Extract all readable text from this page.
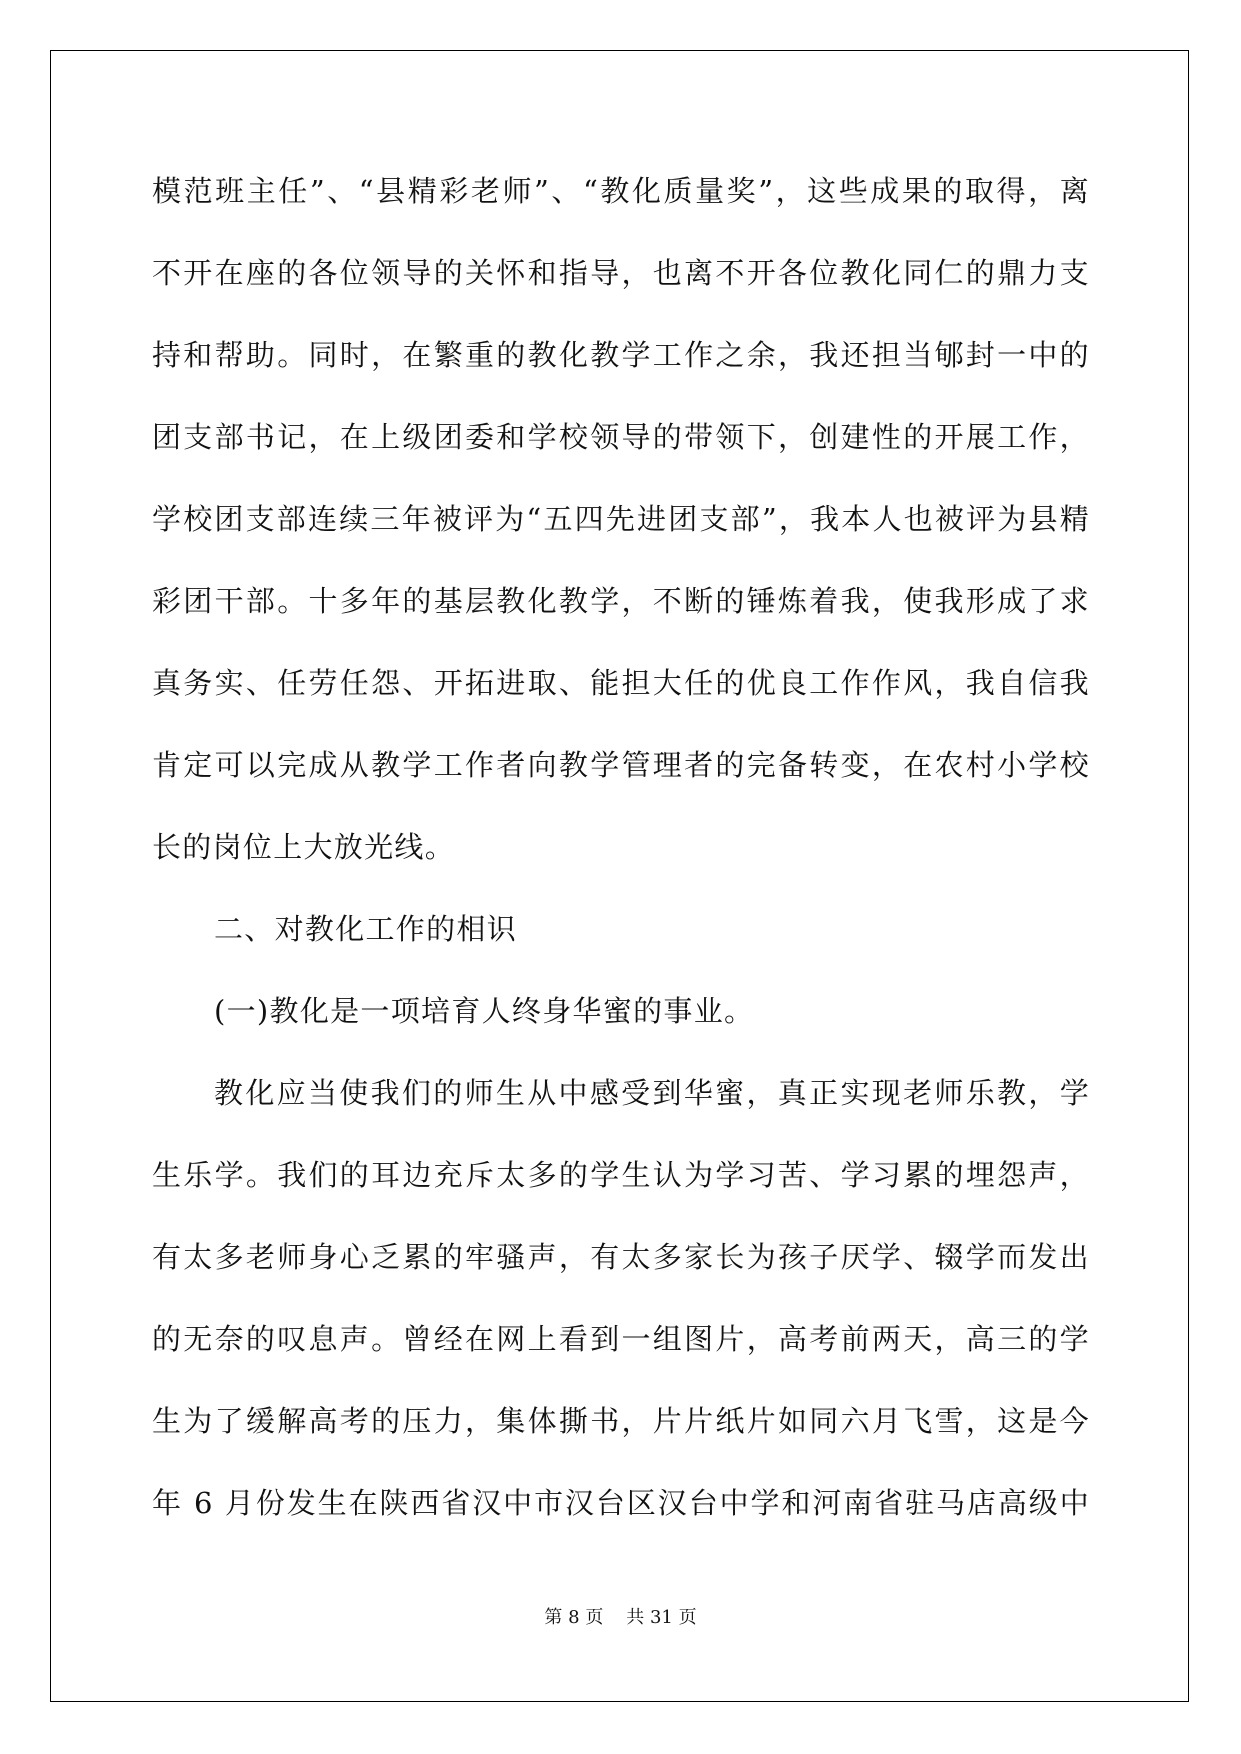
模范班主任”、“县精彩老师”、“教化质量奖”，这些成果的取得，离
不开在座的各位领导的关怀和指导，也离不开各位教化同仁的鼎力支
持和帮助。同时，在繁重的教化教学工作之余，我还担当郇封一中的
团支部书记，在上级团委和学校领导的带领下，创建性的开展工作，
学校团支部连续三年被评为“五四先进团支部”，我本人也被评为县精
彩团干部。十多年的基层教化教学，不断的锤炼着我，使我形成了求
真务实、任劳任怨、开拓进取、能担大任的优良工作作风，我自信我
肯定可以完成从教学工作者向教学管理者的完备转变，在农村小学校
长的岗位上大放光线。
二、对教化工作的相识
(一)教化是一项培育人终身华蜜的事业。
教化应当使我们的师生从中感受到华蜜，真正实现老师乐教，学
生乐学。我们的耳边充斥太多的学生认为学习苦、学习累的埋怨声，
有太多老师身心乏累的牢骚声，有太多家长为孩子厌学、辍学而发出
的无奈的叹息声。曾经在网上看到一组图片，高考前两天，高三的学
生为了缓解高考的压力，集体撕书，片片纸片如同六月飞雪，这是今
年 6 月份发生在陕西省汉中市汉台区汉台中学和河南省驻马店高级中
第 8 页 共 31 页
